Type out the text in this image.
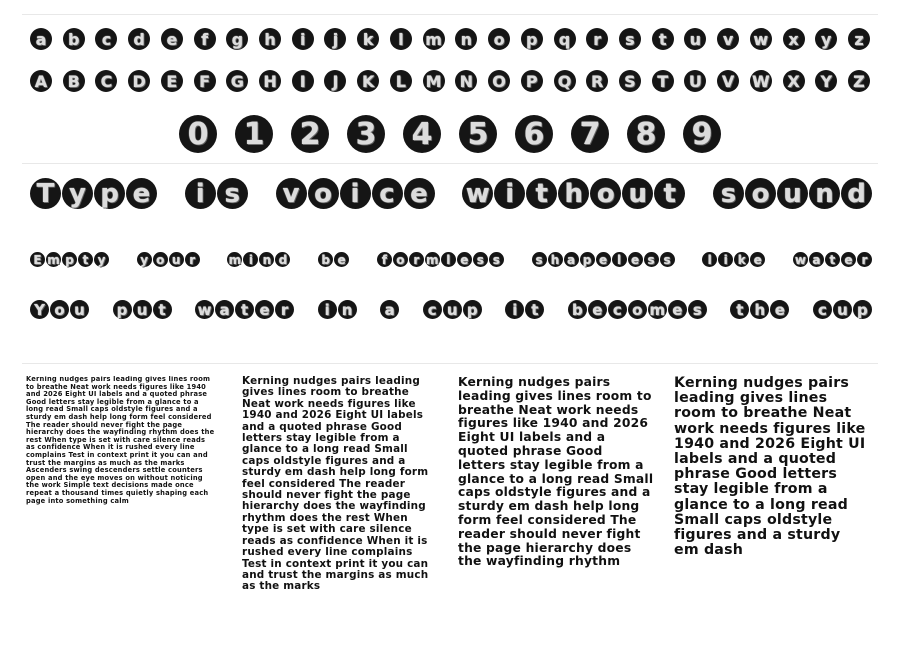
a	b	c	d	e	f	g	h	i	j	k	l	m	n	o	p	q	r	s	t	u	v	w	x	y	z
A	B	C	D	E	F	G H	I	J	K	L	M N O	P	Q	R	S	T	U V	W	X	Y	Z
0 1 2 3 4 5 6 7 8 9
T y p e	i s v o i c e w i t h o u t	s o u n d
E m p t y	y o u r	m i n d	b e	f o r m l e s s	s h a p e l e s s	l i k e	w a t e r
Y o u p u t	w a t e r	i n a	c u p	i t	b e c o m e s	t h e	c u p
Kerning nudges pairs leading gives lines room to breathe Neat work needs figures like 1940 and 2026 Eight UI labels and a quoted phrase Good letters stay legible from a glance to a long read Small caps oldstyle figures and a sturdy em dash help long form feel considered The reader should never fight the page hierarchy does the wayfinding rhythm does the rest When type is set with care silence reads as confidence When it is rushed every line complains Test in context print it you can and trust the margins as much as the marks Ascenders swing descenders settle counters open and the eye moves on without noticing the work Simple text decisions made once repeat a thousand times quietly shaping each page into something calm
Kerning nudges pairs leading gives lines room to breathe Neat work needs figures like 1940 and 2026 Eight UI labels and a quoted phrase Good letters stay legible from a glance to a long read Small caps oldstyle figures and a sturdy em dash help long form feel considered The reader should never fight the page hierarchy does the wayfinding rhythm does the rest When type is set with care silence reads as confidence When it is rushed every line complains Test in context print it you can and trust the margins as much as the marks
Kerning nudges pairs leading gives lines room to breathe Neat work needs figures like 1940 and 2026 Eight UI labels and a quoted phrase Good letters stay legible from a glance to a long read Small caps oldstyle figures and a sturdy em dash help long form feel considered The reader should never fight the page hierarchy does the wayfinding rhythm
Kerning nudges pairs leading gives lines room to breathe Neat work needs figures like 1940 and 2026 Eight UI labels and a quoted phrase Good letters stay legible from a glance to a long read Small caps oldstyle figures and a sturdy em dash
